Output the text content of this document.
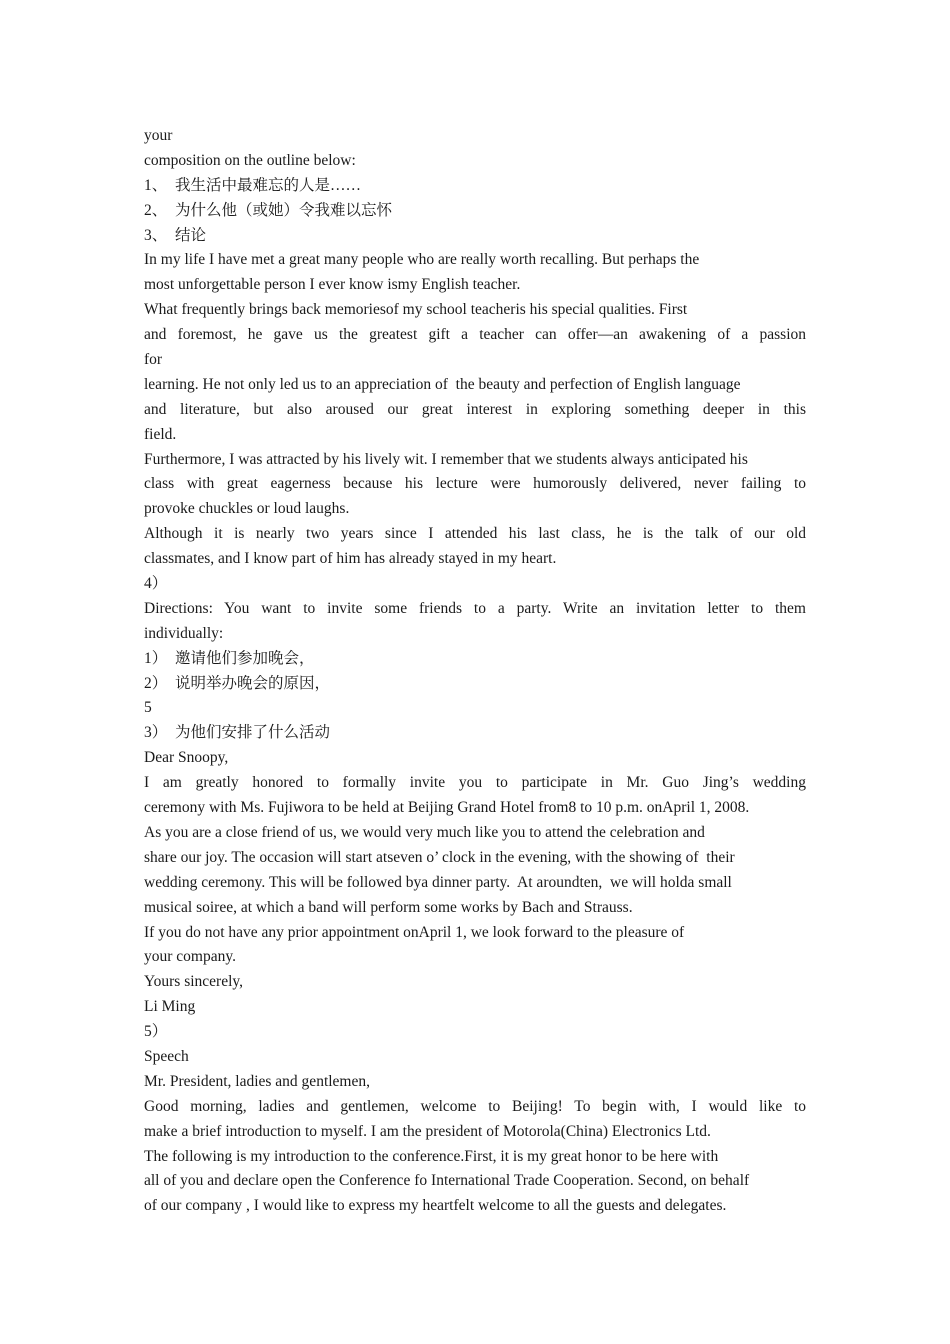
your
composition on the outline below:
1、  我生活中最难忘的人是……
2、  为什么他（或她）令我难以忘怀
3、  结论
In my life I have met a great many people who are really worth recalling. But perhaps the
most unforgettable person I ever know ismy English teacher.
What frequently brings back memoriesof my school teacheris his special qualities. First
and foremost, he gave us the greatest gift a teacher can offer—an awakening of a passion
for
learning. He not only led us to an appreciation of  the beauty and perfection of English language
and literature, but also aroused our great interest in exploring something deeper in this
field.
Furthermore, I was attracted by his lively wit. I remember that we students always anticipated his
class with great eagerness because his lecture were humorously delivered, never failing to
provoke chuckles or loud laughs.
Although it is nearly two years since I attended his last class, he is the talk of our old
classmates, and I know part of him has already stayed in my heart.
4）
Directions: You want to invite some friends to a party. Write an invitation letter to them
individually:
1）  邀请他们参加晚会，
2）  说明举办晚会的原因，
5
3）  为他们安排了什么活动
Dear Snoopy,
I am greatly honored to formally invite you to participate in Mr. Guo Jing’s wedding
ceremony with Ms. Fujiwora to be held at Beijing Grand Hotel from8 to 10 p.m. onApril 1, 2008.
As you are a close friend of us, we would very much like you to attend the celebration and
share our joy. The occasion will start atseven o’ clock in the evening, with the showing of  their
wedding ceremony. This will be followed bya dinner party.  At aroundten,  we will holda small
musical soiree, at which a band will perform some works by Bach and Strauss.
If you do not have any prior appointment onApril 1, we look forward to the pleasure of
your company.
Yours sincerely,
Li Ming
5）
Speech
Mr. President, ladies and gentlemen,
Good morning, ladies and gentlemen, welcome to Beijing! To begin with, I would like to
make a brief introduction to myself. I am the president of Motorola(China) Electronics Ltd.
The following is my introduction to the conference.First, it is my great honor to be here with
all of you and declare open the Conference fo International Trade Cooperation. Second, on behalf
of our company , I would like to express my heartfelt welcome to all the guests and delegates.
